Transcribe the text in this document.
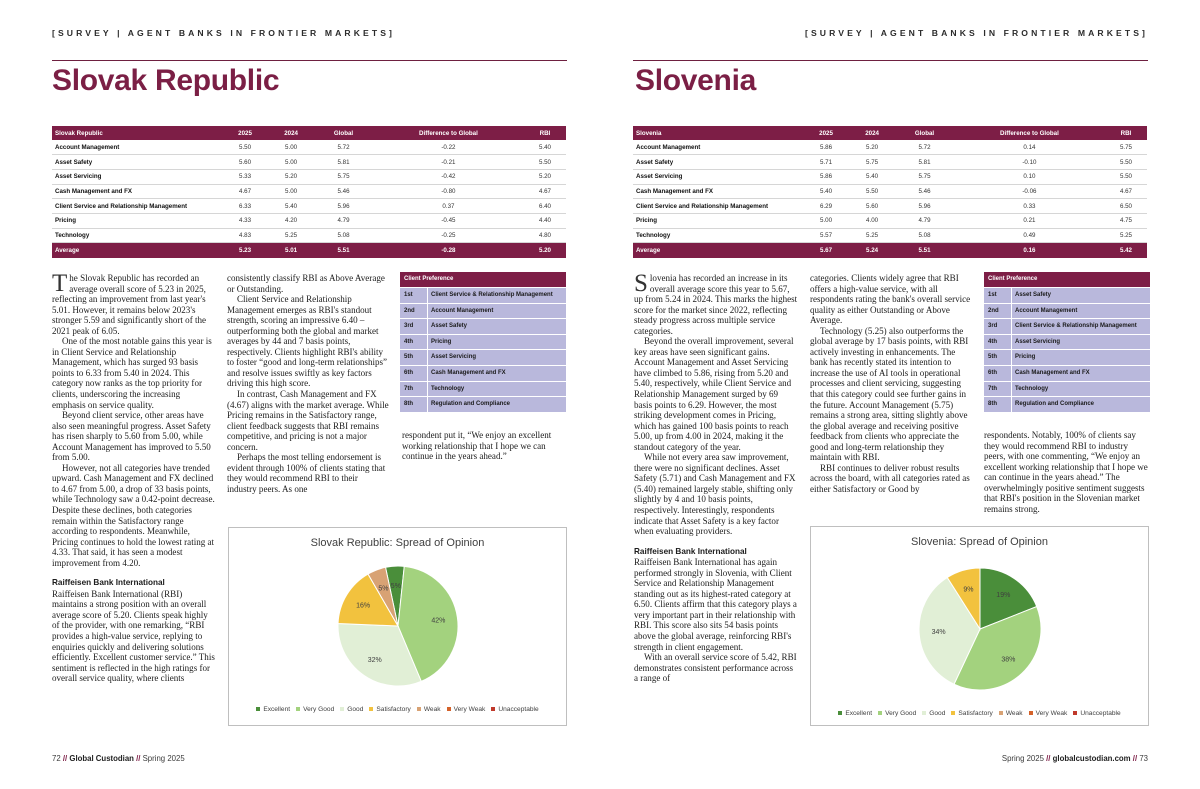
[SURVEY | AGENT BANKS IN FRONTIER MARKETS]
Slovak Republic
Slovak Republic	2025	2024	Global	Difference to Global	RBI
Account Management	5.50	5.00	5.72	-0.22	5.40
Asset Safety	5.60	5.00	5.81	-0.21	5.50
Asset Servicing	5.33	5.20	5.75	-0.42	5.20
Cash Management and FX	4.67	5.00	5.46	-0.80	4.67
Client Service and Relationship Management	6.33	5.40	5.96	0.37	6.40
Pricing	4.33	4.20	4.79	-0.45	4.40
Technology	4.83	5.25	5.08	-0.25	4.80
Average	5.23	5.01	5.51	-0.28	5.20

The Slovak Republic has recorded an average overall score of 5.23 in 2025, reflecting an improvement from last year's 5.01. However, it remains below 2023's stronger 5.59 and significantly short of the 2021 peak of 6.05.

One of the most notable gains this year is in Client Service and Relationship Management, which has surged 93 basis points to 6.33 from 5.40 in 2024. This category now ranks as the top priority for clients, underscoring the increasing emphasis on service quality.

Beyond client service, other areas have also seen meaningful progress. Asset Safety has risen sharply to 5.60 from 5.00, while Account Management has improved to 5.50 from 5.00.

However, not all categories have trended upward. Cash Management and FX declined to 4.67 from 5.00, a drop of 33 basis points, while Technology saw a 0.42-point decrease. Despite these declines, both categories remain within the Satisfactory range according to respondents. Meanwhile, Pricing continues to hold the lowest rating at 4.33. That said, it has seen a modest improvement from 4.20.

Raiffeisen Bank International

Raiffeisen Bank International (RBI) maintains a strong position with an overall average score of 5.20. Clients speak highly of the provider, with one remarking, “RBI provides a high-value service, replying to enquiries quickly and delivering solutions efficiently. Excellent customer service.” This sentiment is reflected in the high ratings for overall service quality, where clients

consistently classify RBI as Above Average or Outstanding.

Client Service and Relationship Management emerges as RBI's standout strength, scoring an impressive 6.40 – outperforming both the global and market averages by 44 and 7 basis points, respectively. Clients highlight RBI's ability to foster “good and long-term relationships” and resolve issues swiftly as key factors driving this high score.

In contrast, Cash Management and FX (4.67) aligns with the market average. While Pricing remains in the Satisfactory range, client feedback suggests that RBI remains competitive, and pricing is not a major concern.

Perhaps the most telling endorsement is evident through 100% of clients stating that they would recommend RBI to their industry peers. As one

Client Preference
1st	Client Service & Relationship Management
2nd	Account Management
3rd	Asset Safety
4th	Pricing
5th	Asset Servicing
6th	Cash Management and FX
7th	Technology
8th	Regulation and Compliance

respondent put it, “We enjoy an excellent working relationship that I hope we can continue in the years ahead.”

Slovak Republic: Spread of Opinion
5%
42%
32%
16%
5%
Excellent Very Good Good Satisfactory Weak Very Weak Unacceptable
72 // Global Custodian // Spring 2025
[SURVEY | AGENT BANKS IN FRONTIER MARKETS]
Slovenia
Slovenia	2025	2024	Global	Difference to Global	RBI
Account Management	5.86	5.20	5.72	0.14	5.75
Asset Safety	5.71	5.75	5.81	-0.10	5.50
Asset Servicing	5.86	5.40	5.75	0.10	5.50
Cash Management and FX	5.40	5.50	5.46	-0.06	4.67
Client Service and Relationship Management	6.29	5.60	5.96	0.33	6.50
Pricing	5.00	4.00	4.79	0.21	4.75
Technology	5.57	5.25	5.08	0.49	5.25
Average	5.67	5.24	5.51	0.16	5.42

Slovenia has recorded an increase in its overall average score this year to 5.67, up from 5.24 in 2024. This marks the highest score for the market since 2022, reflecting steady progress across multiple service categories.

Beyond the overall improvement, several key areas have seen significant gains. Account Management and Asset Servicing have climbed to 5.86, rising from 5.20 and 5.40, respectively, while Client Service and Relationship Management surged by 69 basis points to 6.29. However, the most striking development comes in Pricing, which has gained 100 basis points to reach 5.00, up from 4.00 in 2024, making it the standout category of the year.

While not every area saw improvement, there were no significant declines. Asset Safety (5.71) and Cash Management and FX (5.40) remained largely stable, shifting only slightly by 4 and 10 basis points, respectively. Interestingly, respondents indicate that Asset Safety is a key factor when evaluating providers.

Raiffeisen Bank International

Raiffeisen Bank International has again performed strongly in Slovenia, with Client Service and Relationship Management standing out as its highest-rated category at 6.50. Clients affirm that this category plays a very important part in their relationship with RBI. This score also sits 54 basis points above the global average, reinforcing RBI's strength in client engagement.

With an overall service score of 5.42, RBI demonstrates consistent performance across a range of

categories. Clients widely agree that RBI offers a high-value service, with all respondents rating the bank's overall service quality as either Outstanding or Above Average.

Technology (5.25) also outperforms the global average by 17 basis points, with RBI actively investing in enhancements. The bank has recently stated its intention to increase the use of AI tools in operational processes and client servicing, suggesting that this category could see further gains in the future. Account Management (5.75) remains a strong area, sitting slightly above the global average and receiving positive feedback from clients who appreciate the good and long-term relationship they maintain with RBI.

RBI continues to deliver robust results across the board, with all categories rated as either Satisfactory or Good by

Client Preference
1st	Asset Safety
2nd	Account Management
3rd	Client Service & Relationship Management
4th	Asset Servicing
5th	Pricing
6th	Cash Management and FX
7th	Technology
8th	Regulation and Compliance

respondents. Notably, 100% of clients say they would recommend RBI to industry peers, with one commenting, “We enjoy an excellent working relationship that I hope we can continue in the years ahead.” The overwhelmingly positive sentiment suggests that RBI's position in the Slovenian market remains strong.

Slovenia: Spread of Opinion
19%
38%
34%
9%
Excellent Very Good Good Satisfactory Weak Very Weak Unacceptable
Spring 2025 // globalcustodian.com // 73
